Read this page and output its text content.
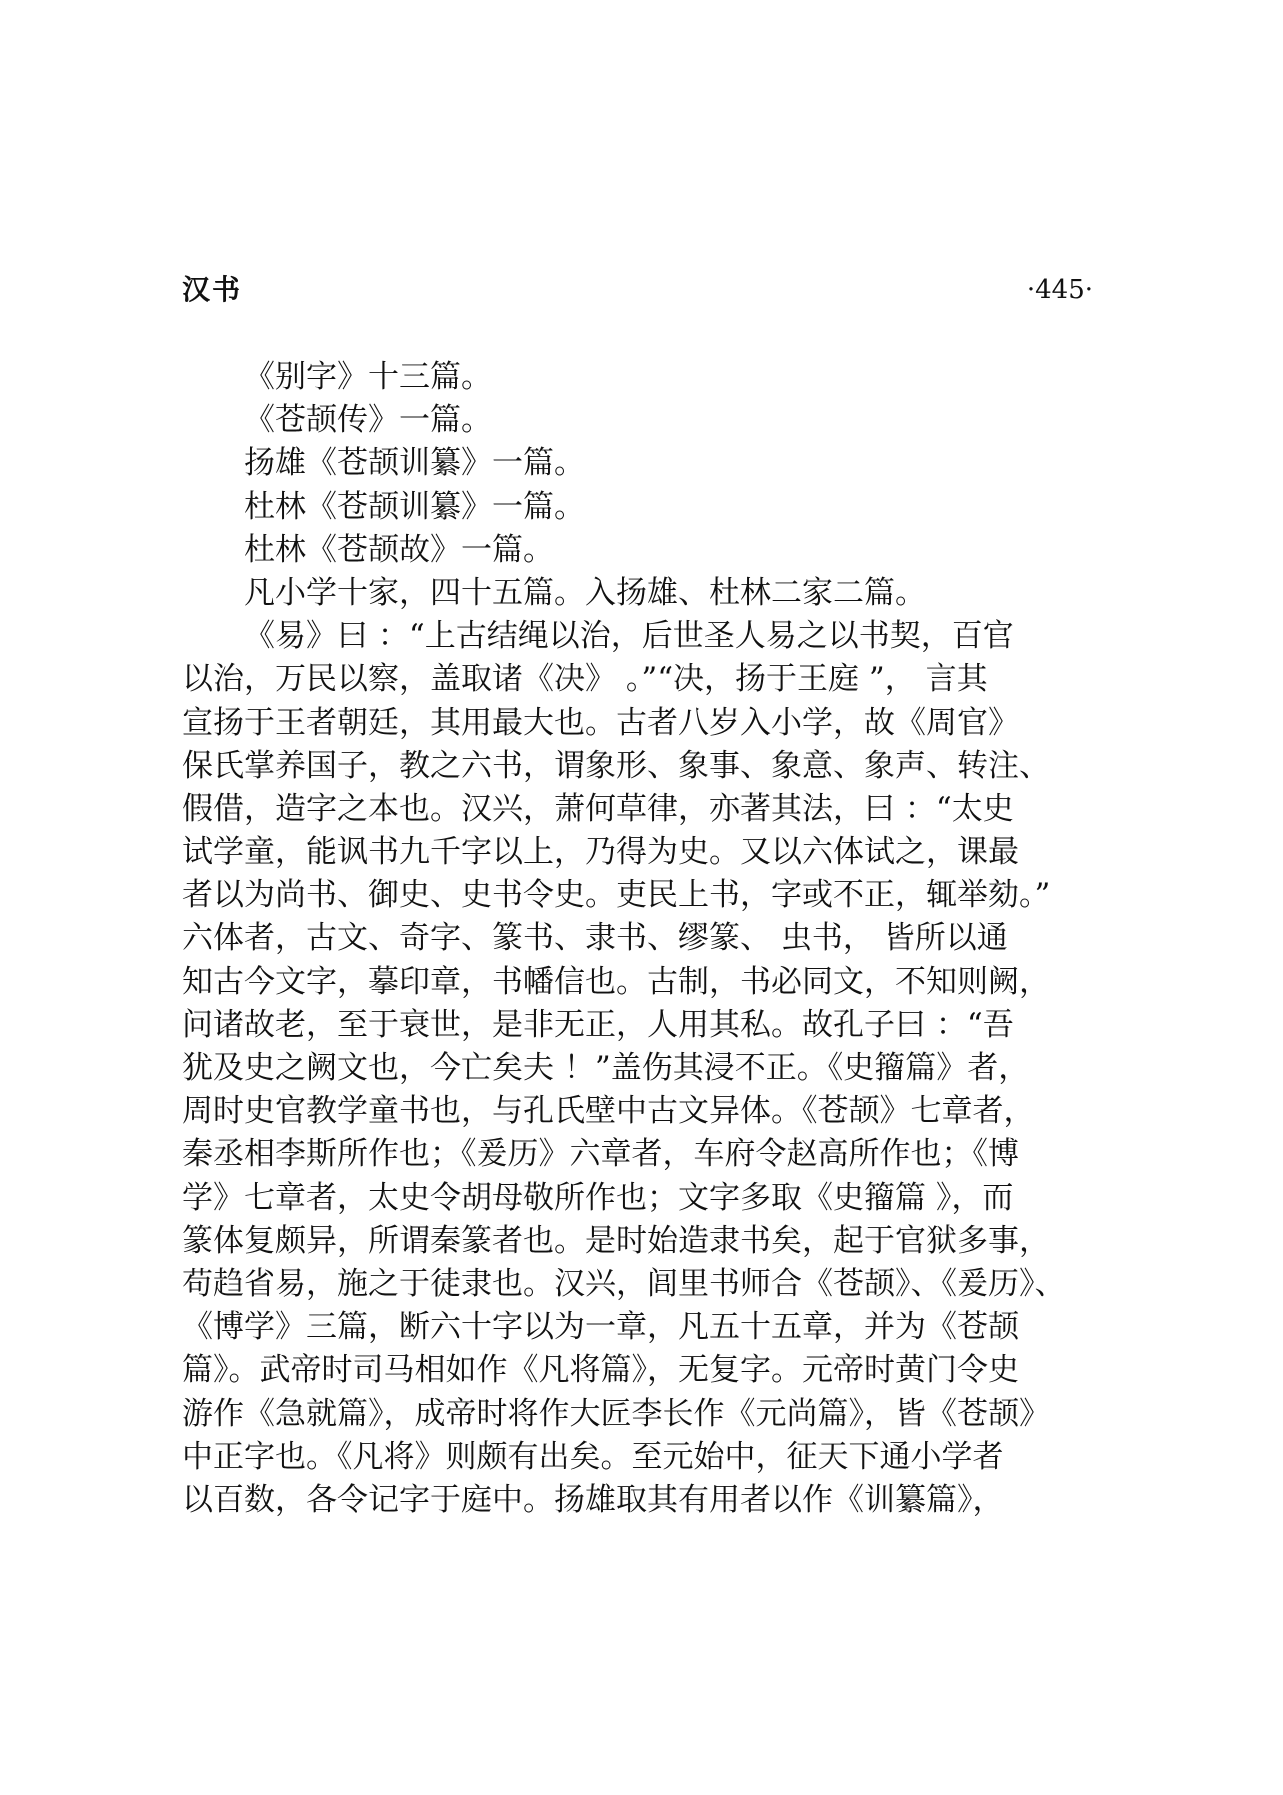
汉书	·445·
《别字》十三篇。
《苍颉传》一篇。
扬雄《苍颉训纂》一篇。
杜林《苍颉训纂》一篇。
杜林《苍颉故》一篇。
凡小学十家，四十五篇。入扬雄、杜林二家二篇。
《易》曰 ：“上古结绳以治，后世圣人易之以书契，百官
以治，万民以察，盖取诸《决》 。”“决，扬于王庭 ”， 言其
宣扬于王者朝廷，其用最大也。古者八岁入小学，故《周官》
保氏掌养国子，教之六书，谓象形、象事、象意、象声、转注、
假借，造字之本也。汉兴，萧何草律，亦著其法，曰 ：“太史
试学童，能讽书九千字以上，乃得为史。又以六体试之，课最
者以为尚书、御史、史书令史。吏民上书，字或不正，辄举劾。”
六体者，古文、奇字、篆书、隶书、缪篆、 虫书， 皆所以通
知古今文字，摹印章，书幡信也。古制，书必同文，不知则阙，
问诸故老，至于衰世，是非无正，人用其私。故孔子曰 ：“吾
犹及史之阙文也，今亡矣夫 ！”盖伤其浸不正。《史籀篇》者，
周时史官教学童书也，与孔氏壁中古文异体。《苍颉》七章者，
秦丞相李斯所作也；《爰历》六章者，车府令赵高所作也；《博
学》七章者，太史令胡母敬所作也；文字多取《史籀篇 》，而
篆体复颇异，所谓秦篆者也。是时始造隶书矣，起于官狱多事，
苟趋省易，施之于徒隶也。汉兴，闾里书师合《苍颉》、《爰历》、
《博学》三篇，断六十字以为一章，凡五十五章，并为《苍颉
篇》。武帝时司马相如作《凡将篇》，无复字。元帝时黄门令史
游作《急就篇》，成帝时将作大匠李长作《元尚篇》，皆《苍颉》
中正字也。《凡将》则颇有出矣。至元始中，征天下通小学者
以百数，各令记字于庭中。扬雄取其有用者以作《训纂篇》，
